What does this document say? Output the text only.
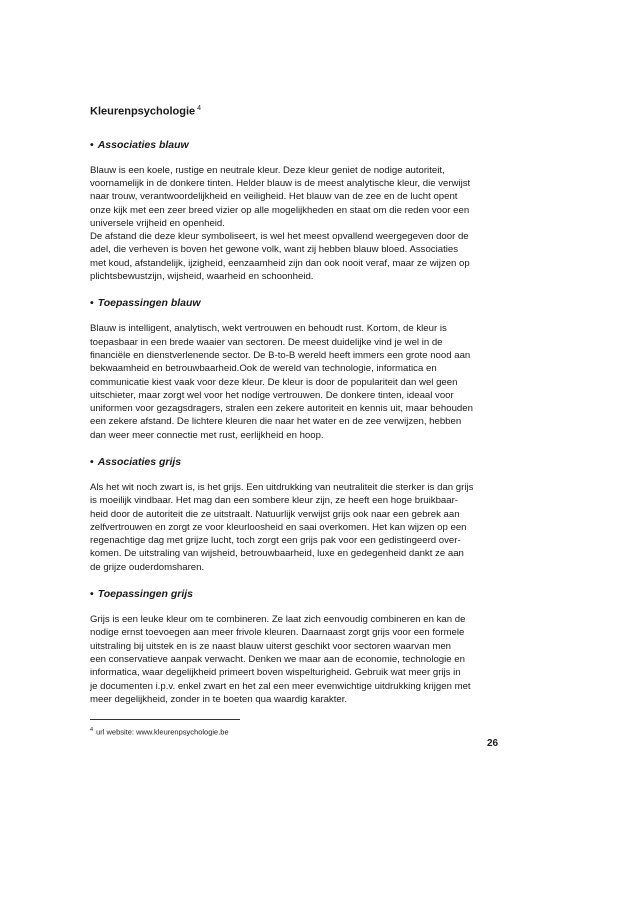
Kleurenpsychologie $^4$
• Associaties blauw
Blauw is een koele, rustige en neutrale kleur. Deze kleur geniet de nodige autoriteit,
voornamelijk in de donkere tinten. Helder blauw is de meest analytische kleur, die verwijst
naar trouw, verantwoordelijkheid en veiligheid. Het blauw van de zee en de lucht opent
onze kijk met een zeer breed vizier op alle mogelijkheden en staat om die reden voor een
universele vrijheid en openheid.
De afstand die deze kleur symboliseert, is wel het meest opvallend weergegeven door de
adel, die verheven is boven het gewone volk, want zij hebben blauw bloed. Associaties
met koud, afstandelijk, ijzigheid, eenzaamheid zijn dan ook nooit veraf, maar ze wijzen op
plichtsbewustzijn, wijsheid, waarheid en schoonheid.
• Toepassingen blauw
Blauw is intelligent, analytisch, wekt vertrouwen en behoudt rust. Kortom, de kleur is
toepasbaar in een brede waaier van sectoren. De meest duidelijke vind je wel in de
financiële en dienstverlenende sector. De B-to-B wereld heeft immers een grote nood aan
bekwaamheid en betrouwbaarheid.Ook de wereld van technologie, informatica en
communicatie kiest vaak voor deze kleur. De kleur is door de populariteit dan wel geen
uitschieter, maar zorgt wel voor het nodige vertrouwen. De donkere tinten, ideaal voor
uniformen voor gezagsdragers, stralen een zekere autoriteit en kennis uit, maar behouden
een zekere afstand. De lichtere kleuren die naar het water en de zee verwijzen, hebben
dan weer meer connectie met rust, eerlijkheid en hoop.
• Associaties grijs
Als het wit noch zwart is, is het grijs. Een uitdrukking van neutraliteit die sterker is dan grijs
is moeilijk vindbaar. Het mag dan een sombere kleur zijn, ze heeft een hoge bruikbaar-
heid door de autoriteit die ze uitstraalt. Natuurlijk verwijst grijs ook naar een gebrek aan
zelfvertrouwen en zorgt ze voor kleurloosheid en saai overkomen. Het kan wijzen op een
regenachtige dag met grijze lucht, toch zorgt een grijs pak voor een gedistingeerd over-
komen. De uitstraling van wijsheid, betrouwbaarheid, luxe en gedegenheid dankt ze aan
de grijze ouderdomsharen.
• Toepassingen grijs
Grijs is een leuke kleur om te combineren. Ze laat zich eenvoudig combineren en kan de
nodige ernst toevoegen aan meer frivole kleuren. Daarnaast zorgt grijs voor een formele
uitstraling bij uitstek en is ze naast blauw uiterst geschikt voor sectoren waarvan men
een conservatieve aanpak verwacht. Denken we maar aan de economie, technologie en
informatica, waar degelijkheid primeert boven wispelturigheid. Gebruik wat meer grijs in
je documenten i.p.v. enkel zwart en het zal een meer evenwichtige uitdrukking krijgen met
meer degelijkheid, zonder in te boeten qua waardig karakter.
$^4$ url website: www.kleurenpsychologie.be
26
